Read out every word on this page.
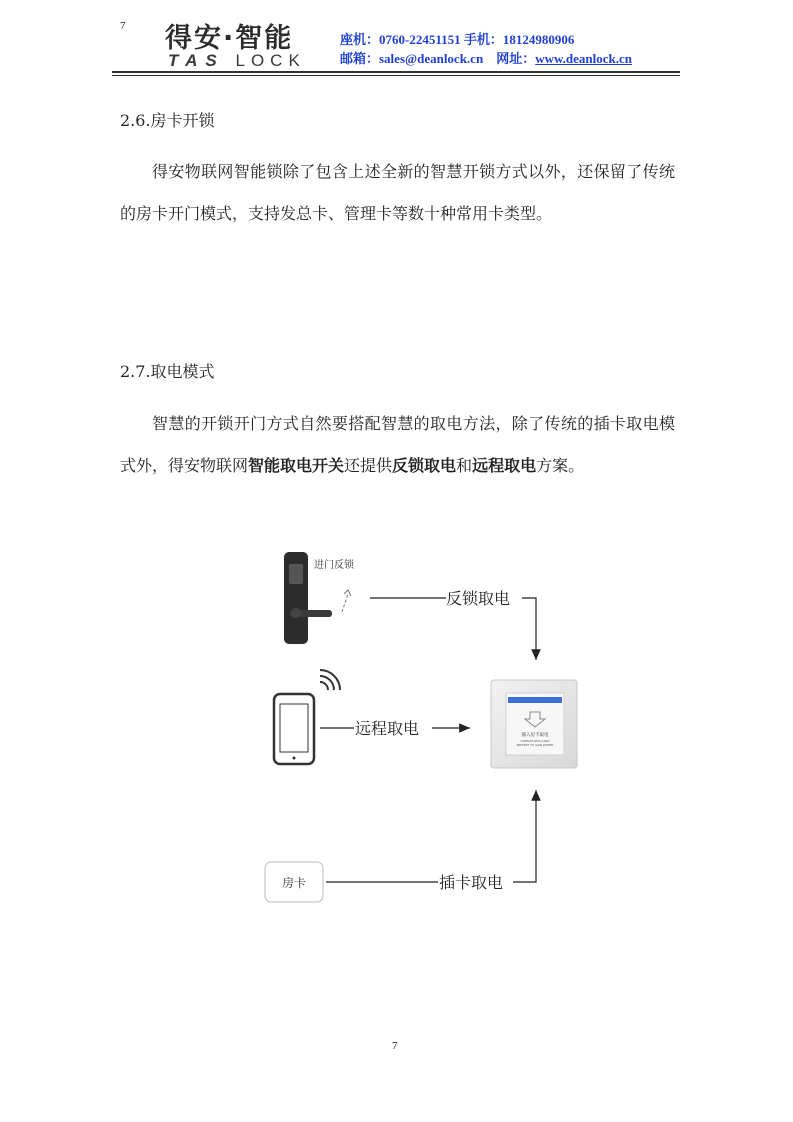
7 得安·智能
TAS LOCK
座机：0760-22451151 手机：18124980906
邮箱：sales@deanlock.cn 网址：www.deanlock.cn
2.6.房卡开锁
得安物联网智能锁除了包含上述全新的智慧开锁方式以外，还保留了传统的房卡开门模式，支持发总卡、管理卡等数十种常用卡类型。
2.7.取电模式
智慧的开锁开门方式自然要搭配智慧的取电方法，除了传统的插卡取电模式外，得安物联网智能取电开关还提供反锁取电和远程取电方案。
进门反锁
反锁取电
远程取电	插入房卡取电
CONTACTLESS CARD
PRESENT TO GAIN POWER
房卡	插卡取电
7
